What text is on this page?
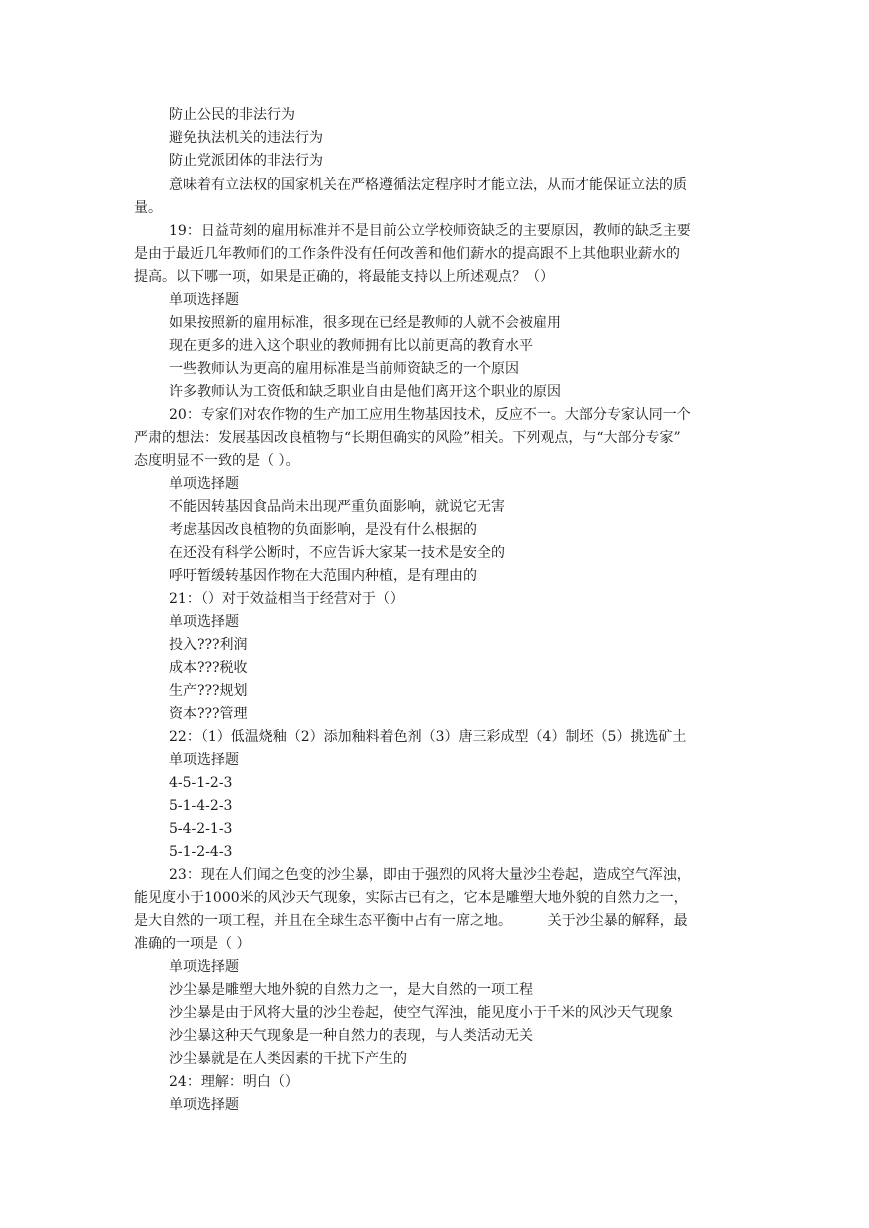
防止公民的非法行为
避免执法机关的违法行为
防止党派团体的非法行为
意味着有立法权的国家机关在严格遵循法定程序时才能立法，从而才能保证立法的质
量。
19：日益苛刻的雇用标准并不是目前公立学校师资缺乏的主要原因，教师的缺乏主要
是由于最近几年教师们的工作条件没有任何改善和他们薪水的提高跟不上其他职业薪水的
提高。以下哪一项，如果是正确的，将最能支持以上所述观点？（）
单项选择题
如果按照新的雇用标准，很多现在已经是教师的人就不会被雇用
现在更多的进入这个职业的教师拥有比以前更高的教育水平
一些教师认为更高的雇用标准是当前师资缺乏的一个原因
许多教师认为工资低和缺乏职业自由是他们离开这个职业的原因
20：专家们对农作物的生产加工应用生物基因技术，反应不一。大部分专家认同一个
严肃的想法：发展基因改良植物与“长期但确实的风险”相关。下列观点，与“大部分专家”
态度明显不一致的是（ ）。
单项选择题
不能因转基因食品尚未出现严重负面影响，就说它无害
考虑基因改良植物的负面影响，是没有什么根据的
在还没有科学公断时，不应告诉大家某一技术是安全的
呼吁暂缓转基因作物在大范围内种植，是有理由的
21：（）对于效益相当于经营对于（）
单项选择题
投入???利润
成本???税收
生产???规划
资本???管理
22：（1）低温烧釉（2）添加釉料着色剂（3）唐三彩成型（4）制坯（5）挑选矿土
单项选择题
4-5-1-2-3
5-1-4-2-3
5-4-2-1-3
5-1-2-4-3
23：现在人们闻之色变的沙尘暴，即由于强烈的风将大量沙尘卷起，造成空气浑浊，
能见度小于1000米的风沙天气现象，实际古已有之，它本是雕塑大地外貌的自然力之一，
是大自然的一项工程，并且在全球生态平衡中占有一席之地。        关于沙尘暴的解释，最
准确的一项是（ ）
单项选择题
沙尘暴是雕塑大地外貌的自然力之一，是大自然的一项工程
沙尘暴是由于风将大量的沙尘卷起，使空气浑浊，能见度小于千米的风沙天气现象
沙尘暴这种天气现象是一种自然力的表现，与人类活动无关
沙尘暴就是在人类因素的干扰下产生的
24：理解：明白（）
单项选择题
